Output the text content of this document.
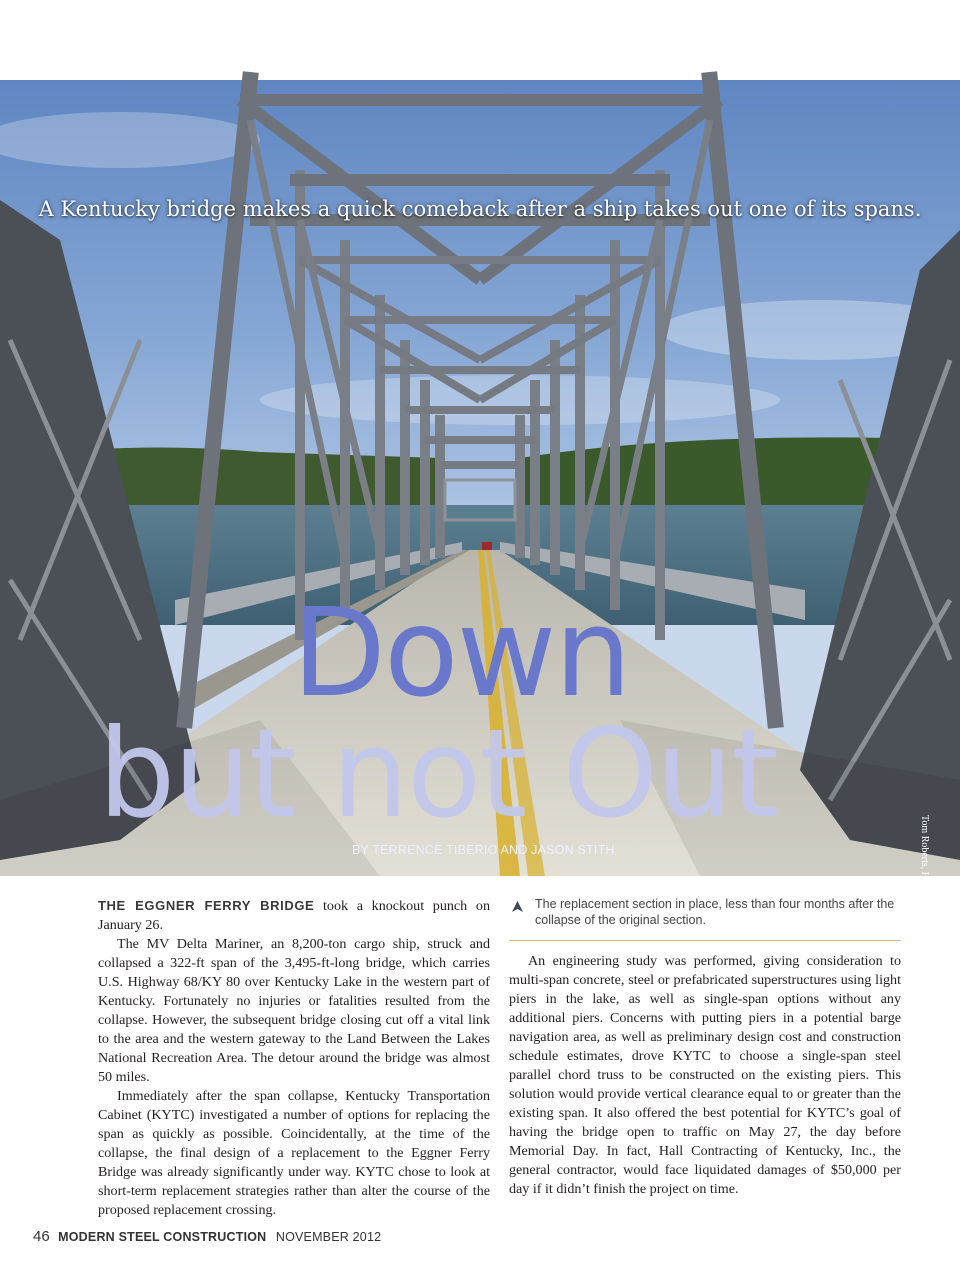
A Kentucky bridge makes a quick comeback after a ship takes out one of its spans.
Down
but not Out
BY TERRENCE TIBERIO AND JASON STITH	Tom Roberts, Hall Contracting

THE EGGNER FERRY BRIDGE took a knockout punch on January 26.

The MV Delta Mariner, an 8,200-ton cargo ship, struck and collapsed a 322-ft span of the 3,495-ft-long bridge, which carries U.S. Highway 68/KY 80 over Kentucky Lake in the western part of Kentucky. Fortunately no injuries or fatalities resulted from the collapse. However, the subsequent bridge closing cut off a vital link to the area and the western gateway to the Land Between the Lakes National Recreation Area. The detour around the bridge was almost 50 miles.

Immediately after the span collapse, Kentucky Transportation Cabinet (KYTC) investigated a number of options for replacing the span as quickly as possible. Coincidentally, at the time of the collapse, the final design of a replacement to the Eggner Ferry Bridge was already significantly under way. KYTC chose to look at short-term replacement strategies rather than alter the course of the proposed replacement crossing.

The replacement section in place, less than four months after the collapse of the original section.

An engineering study was performed, giving consideration to multi-span concrete, steel or prefabricated superstructures using light piers in the lake, as well as single-span options without any additional piers. Concerns with putting piers in a potential barge navigation area, as well as preliminary design cost and construction schedule estimates, drove KYTC to choose a single-span steel parallel chord truss to be constructed on the existing piers. This solution would provide vertical clearance equal to or greater than the existing span. It also offered the best potential for KYTC’s goal of having the bridge open to traffic on May 27, the day before Memorial Day. In fact, Hall Contracting of Kentucky, Inc., the general contractor, would face liquidated damages of $50,000 per day if it didn’t finish the project on time.

46 MODERN STEEL CONSTRUCTION NOVEMBER 2012
